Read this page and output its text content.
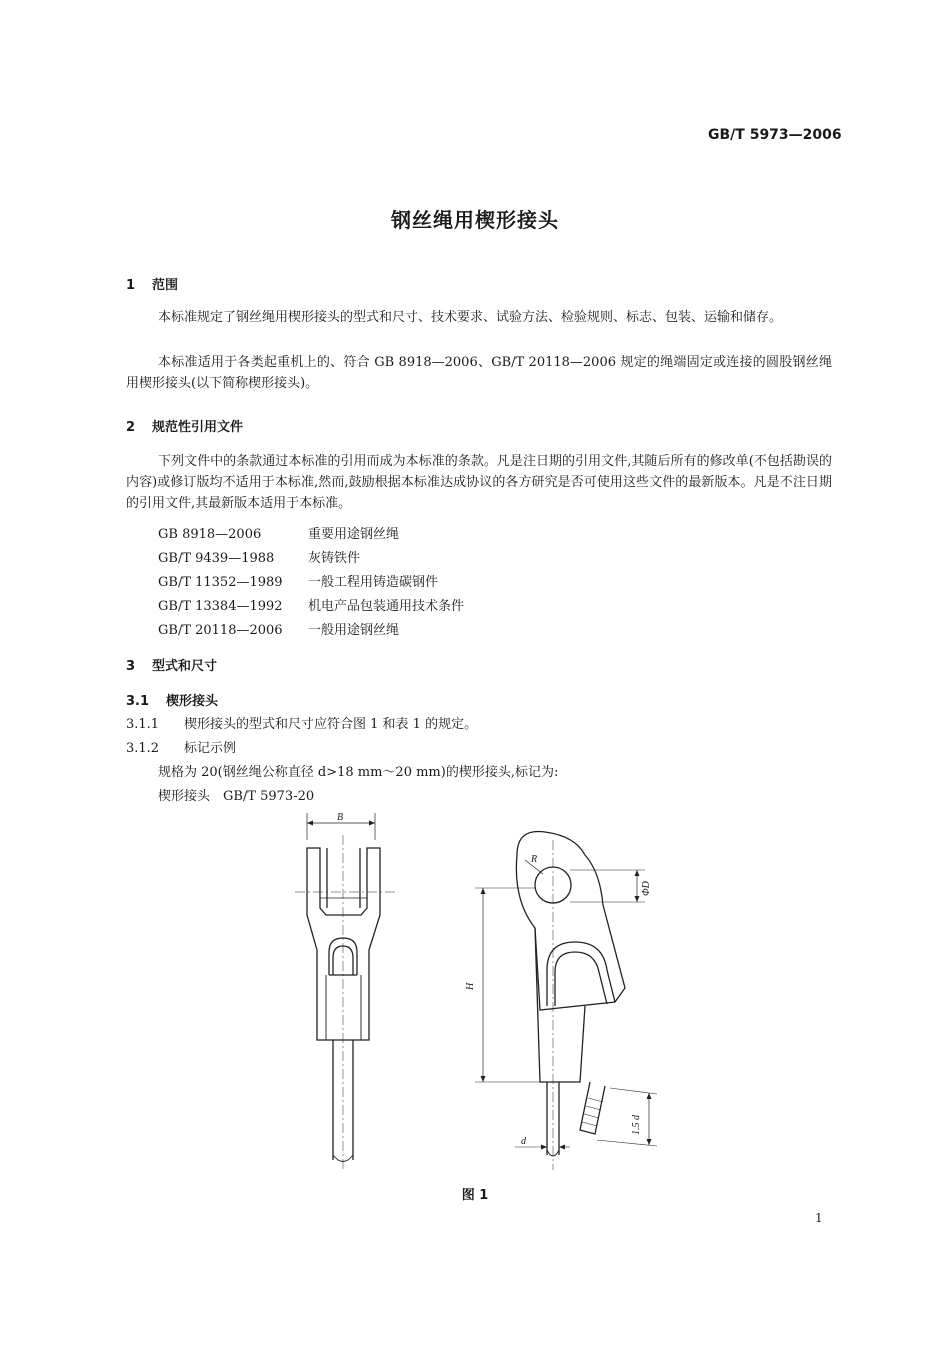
GB/T 5973—2006
钢丝绳用楔形接头
1 范围
本标准规定了钢丝绳用楔形接头的型式和尺寸、技术要求、试验方法、检验规则、标志、包装、运输和储存。
本标准适用于各类起重机上的、符合 GB 8918—2006、GB/T 20118—2006 规定的绳端固定或连接的圆股钢丝绳用楔形接头(以下简称楔形接头)。
2 规范性引用文件
下列文件中的条款通过本标准的引用而成为本标准的条款。凡是注日期的引用文件,其随后所有的修改单(不包括勘误的内容)或修订版均不适用于本标准,然而,鼓励根据本标准达成协议的各方研究是否可使用这些文件的最新版本。凡是不注日期的引用文件,其最新版本适用于本标准。
GB 8918—2006	重要用途钢丝绳
GB/T 9439—1988	灰铸铁件
GB/T 11352—1989 一般工程用铸造碳钢件
GB/T 13384—1992 机电产品包装通用技术条件
GB/T 20118—2006 一般用途钢丝绳
3 型式和尺寸
3.1 楔形接头
3.1.1 楔形接头的型式和尺寸应符合图 1 和表 1 的规定。
3.1.2 标记示例
规格为 20(钢丝绳公称直径 d>18 mm～20 mm)的楔形接头,标记为:
楔形接头　GB/T 5973-20
B
R
ΦD
H
1.5 d
d
图 1
1
